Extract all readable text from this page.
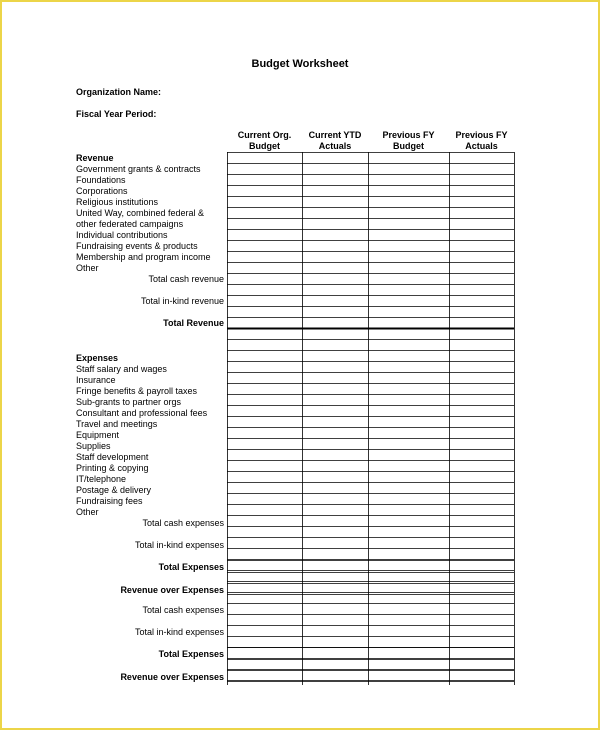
Budget Worksheet
Organization Name:
Fiscal Year Period:
Current Org.
Budget
Current YTD
Actuals
Previous FY
Budget
Previous FY
Actuals
Revenue
Government grants & contracts
Foundations
Corporations
Religious institutions
United Way, combined federal &
other federated campaigns
Individual contributions
Fundraising events & products
Membership and program income
Other
Total cash revenue
Total in-kind revenue
Total Revenue
Expenses
Staff salary and wages
Insurance
Fringe benefits & payroll taxes
Sub-grants to partner orgs
Consultant and professional fees
Travel and meetings
Equipment
Supplies
Staff development
Printing & copying
IT/telephone
Postage & delivery
Fundraising fees
Other
Total cash expenses
Total in-kind expenses
Total Expenses
Revenue over Expenses
Total cash expenses
Total in-kind expenses
Total Expenses
Revenue over Expenses
